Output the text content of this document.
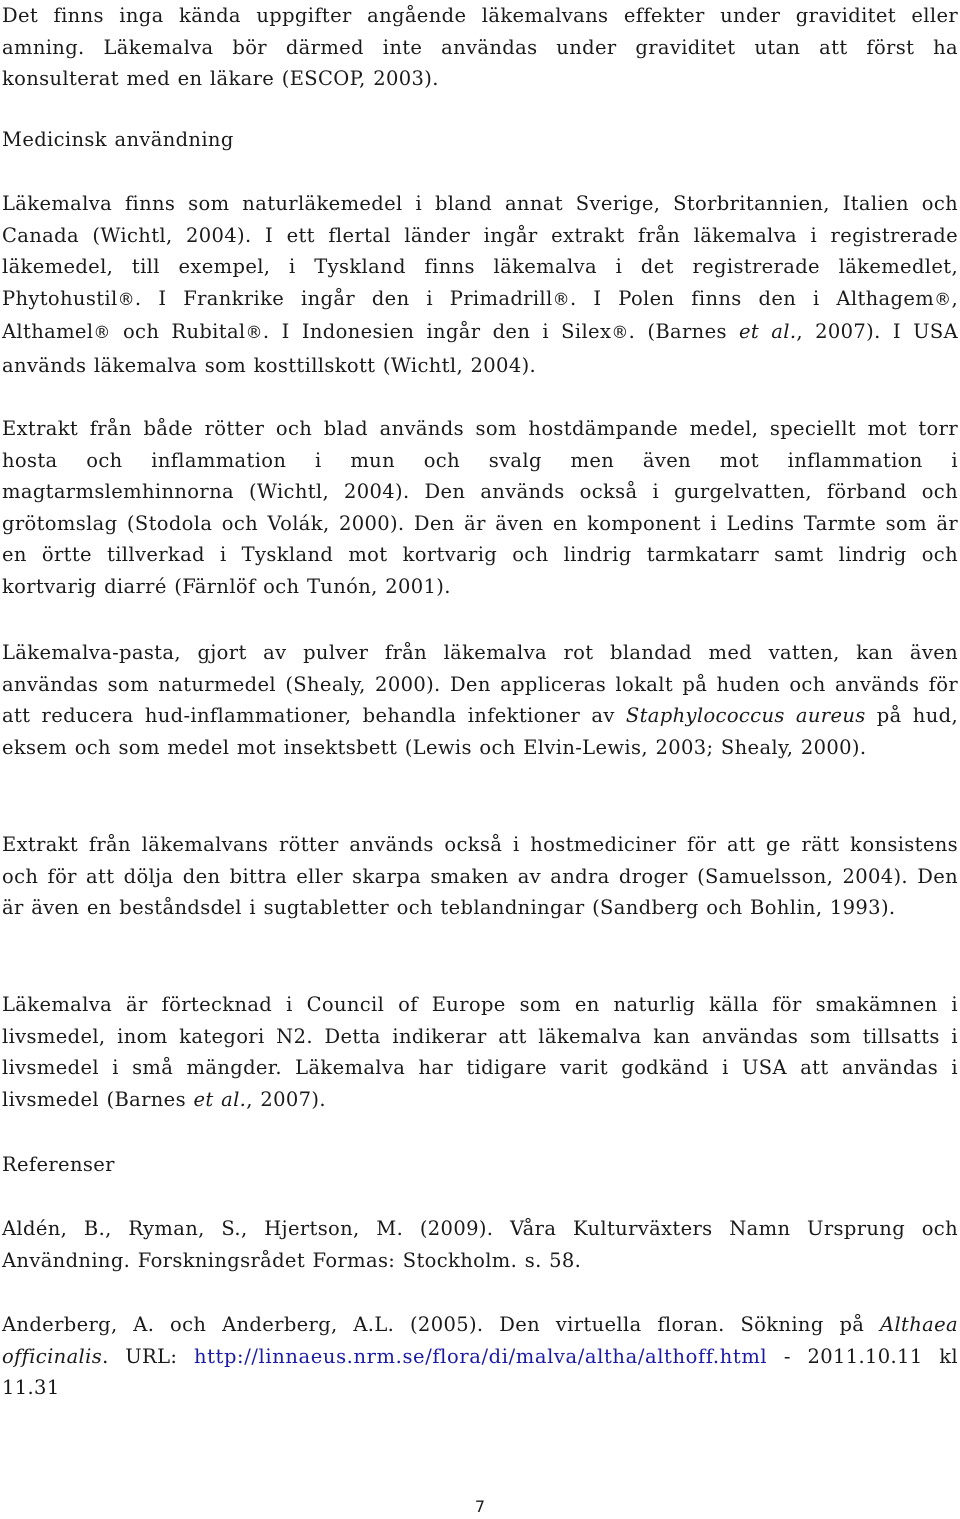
Det finns inga kända uppgifter angående läkemalvans effekter under graviditet eller amning. Läkemalva bör därmed inte användas under graviditet utan att först ha konsulterat med en läkare (ESCOP, 2003).

Medicinsk användning

Läkemalva finns som naturläkemedel i bland annat Sverige, Storbritannien, Italien och Canada (Wichtl, 2004). I ett flertal länder ingår extrakt från läkemalva i registrerade läkemedel, till exempel, i Tyskland finns läkemalva i det registrerade läkemedlet, Phytohustil®. I Frankrike ingår den i Primadrill®. I Polen finns den i Althagem®, Althamel® och Rubital®. I Indonesien ingår den i Silex®. (Barnes et al., 2007). I USA används läkemalva som kosttillskott (Wichtl, 2004).

Extrakt från både rötter och blad används som hostdämpande medel, speciellt mot torr hosta och inflammation i mun och svalg men även mot inflammation i magtarmslemhinnorna (Wichtl, 2004). Den används också i gurgelvatten, förband och grötomslag (Stodola och Volák, 2000). Den är även en komponent i Ledins Tarmte som är en örtte tillverkad i Tyskland mot kortvarig och lindrig tarmkatarr samt lindrig och kortvarig diarré (Färnlöf och Tunón, 2001).

Läkemalva-pasta, gjort av pulver från läkemalva rot blandad med vatten, kan även användas som naturmedel (Shealy, 2000). Den appliceras lokalt på huden och används för att reducera hud-inflammationer, behandla infektioner av Staphylococcus aureus på hud, eksem och som medel mot insektsbett (Lewis och Elvin-Lewis, 2003; Shealy, 2000).

Extrakt från läkemalvans rötter används också i hostmediciner för att ge rätt konsistens och för att dölja den bittra eller skarpa smaken av andra droger (Samuelsson, 2004). Den är även en beståndsdel i sugtabletter och teblandningar (Sandberg och Bohlin, 1993).

Läkemalva är förtecknad i Council of Europe som en naturlig källa för smakämnen i livsmedel, inom kategori N2. Detta indikerar att läkemalva kan användas som tillsatts i livsmedel i små mängder. Läkemalva har tidigare varit godkänd i USA att användas i livsmedel (Barnes et al., 2007).

Referenser

Aldén, B., Ryman, S., Hjertson, M. (2009). Våra Kulturväxters Namn Ursprung och Användning. Forskningsrådet Formas: Stockholm. s. 58.

Anderberg, A. och Anderberg, A.L. (2005). Den virtuella floran. Sökning på Althaea officinalis. URL: http://linnaeus.nrm.se/flora/di/malva/altha/althoff.html - 2011.10.11 kl 11.31

7
